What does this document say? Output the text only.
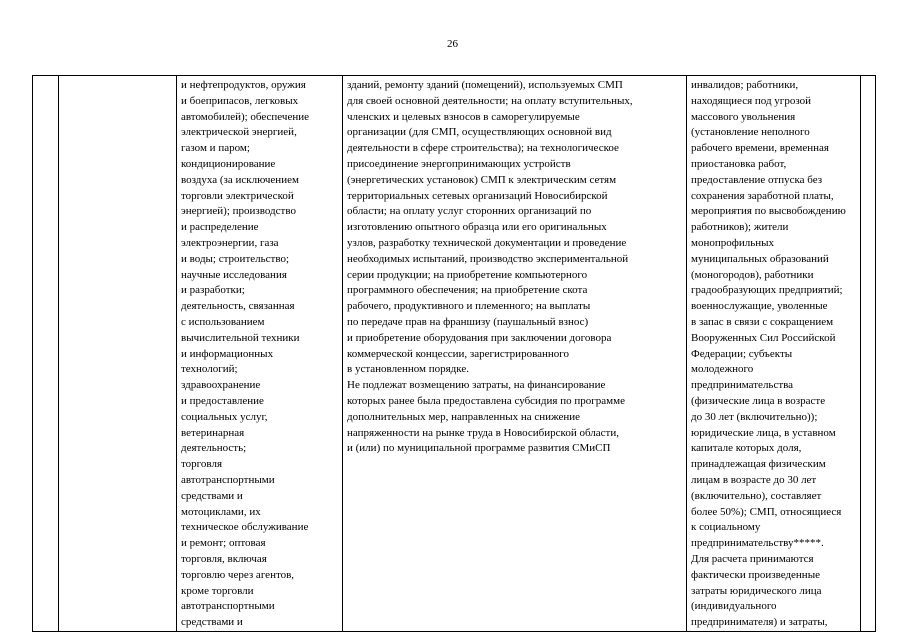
26

и нефтепродуктов, оружия
и боеприпасов, легковых
автомобилей); обеспечение
электрической энергией,
газом и паром;
кондиционирование
воздуха (за исключением
торговли электрической
энергией); производство
и распределение
электроэнергии, газа
и воды; строительство;
научные исследования
и разработки;
деятельность, связанная
с использованием
вычислительной техники
и информационных
технологий;
здравоохранение
и предоставление
социальных услуг,
ветеринарная
деятельность;
торговля
автотранспортными
средствами и
мотоциклами, их
техническое обслуживание
и ремонт; оптовая
торговля, включая
торговлю через агентов,
кроме торговли
автотранспортными
средствами и

зданий, ремонту зданий (помещений), используемых СМП
для своей основной деятельности; на оплату вступительных,
членских и целевых взносов в саморегулируемые
организации (для СМП, осуществляющих основной вид
деятельности в сфере строительства); на технологическое
присоединение энергопринимающих устройств
(энергетических установок) СМП к электрическим сетям
территориальных сетевых организаций Новосибирской
области; на оплату услуг сторонних организаций по
изготовлению опытного образца или его оригинальных
узлов, разработку технической документации и проведение
необходимых испытаний, производство экспериментальной
серии продукции; на приобретение компьютерного
программного обеспечения; на приобретение скота
рабочего, продуктивного и племенного; на выплаты
по передаче прав на франшизу (паушальный взнос)
и приобретение оборудования при заключении договора
коммерческой концессии, зарегистрированного
в установленном порядке.
Не подлежат возмещению затраты, на финансирование
которых ранее была предоставлена субсидия по программе
дополнительных мер, направленных на снижение
напряженности на рынке труда в Новосибирской области,
и (или) по муниципальной программе развития СМиСП

инвалидов; работники,
находящиеся под угрозой
массового увольнения
(установление неполного
рабочего времени, временная
приостановка работ,
предоставление отпуска без
сохранения заработной платы,
мероприятия по высвобождению
работников); жители
монопрофильных
муниципальных образований
(моногородов), работники
градообразующих предприятий;
военнослужащие, уволенные
в запас в связи с сокращением
Вооруженных Сил Российской
Федерации; субъекты
молодежного
предпринимательства
(физические лица в возрасте
до 30 лет (включительно));
юридические лица, в уставном
капитале которых доля,
принадлежащая физическим
лицам в возрасте до 30 лет
(включительно), составляет
более 50%); СМП, относящиеся
к социальному
предпринимательству*****.
Для расчета принимаются
фактически произведенные
затраты юридического лица
(индивидуального
предпринимателя) и затраты,
